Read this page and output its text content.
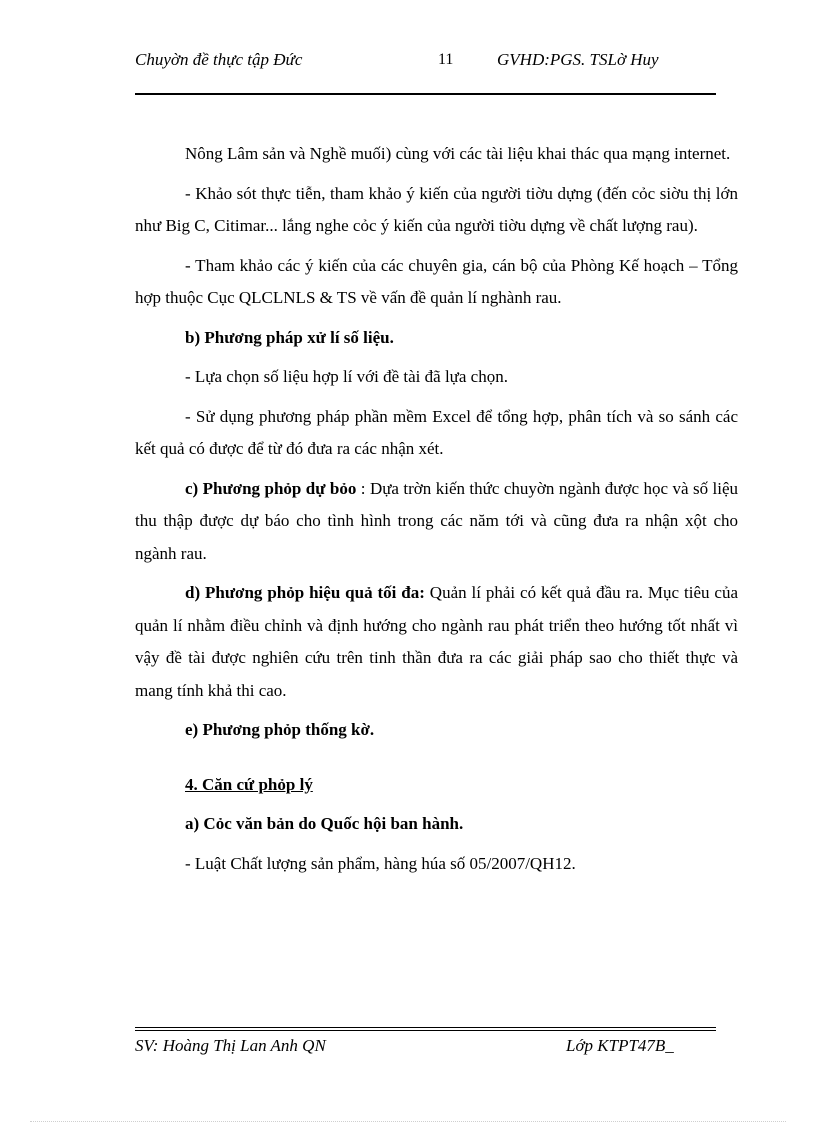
Chuyờn đề thực tập Đức	11	GVHD:PGS. TSLờ Huy

Nông Lâm sản và Nghề muối) cùng với các tài liệu khai thác qua mạng internet.

- Khảo sót thực tiễn, tham khảo ý kiến của người tiờu dựng (đến cỏc siờu thị lớn như Big C, Citimar... lắng nghe cỏc ý kiến của người tiờu dựng về chất lượng rau).

- Tham khảo các ý kiến của các chuyên gia, cán bộ của Phòng Kế hoạch – Tổng hợp thuộc Cục QLCLNLS & TS về vấn đề quản lí nghành rau.

b) Phương pháp xử lí số liệu.

- Lựa chọn số liệu hợp lí với đề tài đã lựa chọn.

- Sử dụng phương pháp phần mềm Excel để tổng hợp, phân tích và so sánh các kết quả có được để từ đó đưa ra các nhận xét.

c) Phương phỏp dự bỏo : Dựa trờn kiến thức chuyờn ngành được học và số liệu thu thập được dự báo cho tình hình trong các năm tới và cũng đưa ra nhận xột cho ngành rau.

d) Phương phỏp hiệu quả tối đa: Quản lí phải có kết quả đầu ra. Mục tiêu của quản lí nhằm điều chỉnh và định hướng cho ngành rau phát triển theo hướng tốt nhất vì vậy đề tài được nghiên cứu trên tinh thần đưa ra các giải pháp sao cho thiết thực và mang tính khả thi cao.

e) Phương phỏp thống kờ.

4. Căn cứ phỏp lý

a) Cỏc văn bản do Quốc hội ban hành.

- Luật Chất lượng sản phẩm, hàng húa số 05/2007/QH12.

SV: Hoàng Thị Lan Anh QN	Lớp KTPT47B_
